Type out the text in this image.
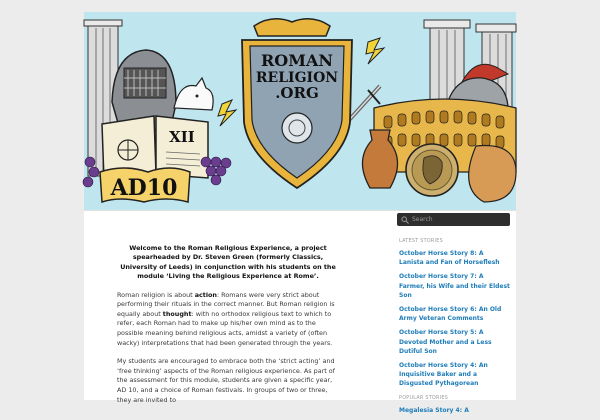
XII
AD10
ROMAN
RELIGION
.ORG

Welcome to the Roman Religious Experience, a project spearheaded by Dr. Steven Green (formerly Classics, University of Leeds) in conjunction with his students on the module ‘Living the Religious Experience at Rome’.

Roman religion is about action: Romans were very strict about performing their rituals in the correct manner. But Roman religion is equally about thought: with no orthodox religious text to which to refer, each Roman had to make up his/her own mind as to the possible meaning behind religious acts, amidst a variety of (often wacky) interpretations that had been generated through the years.

My students are encouraged to embrace both the ‘strict acting’ and ‘free thinking’ aspects of the Roman religious experience. As part of the assessment for this module, students are given a specific year, AD 10, and a choice of Roman festivals. In groups of two or three, they are invited to

Search
LATEST STORIES
October Horse Story 8: A Lanista and Fan of Horseflesh
October Horse Story 7: A Farmer, his Wife and their Eldest Son
October Horse Story 6: An Old Army Veteran Comments
October Horse Story 5: A Devoted Mother and a Less Dutiful Son
October Horse Story 4: An Inquisitive Baker and a Disgusted Pythagorean
POPULAR STORIES
Megalesia Story 4: A
